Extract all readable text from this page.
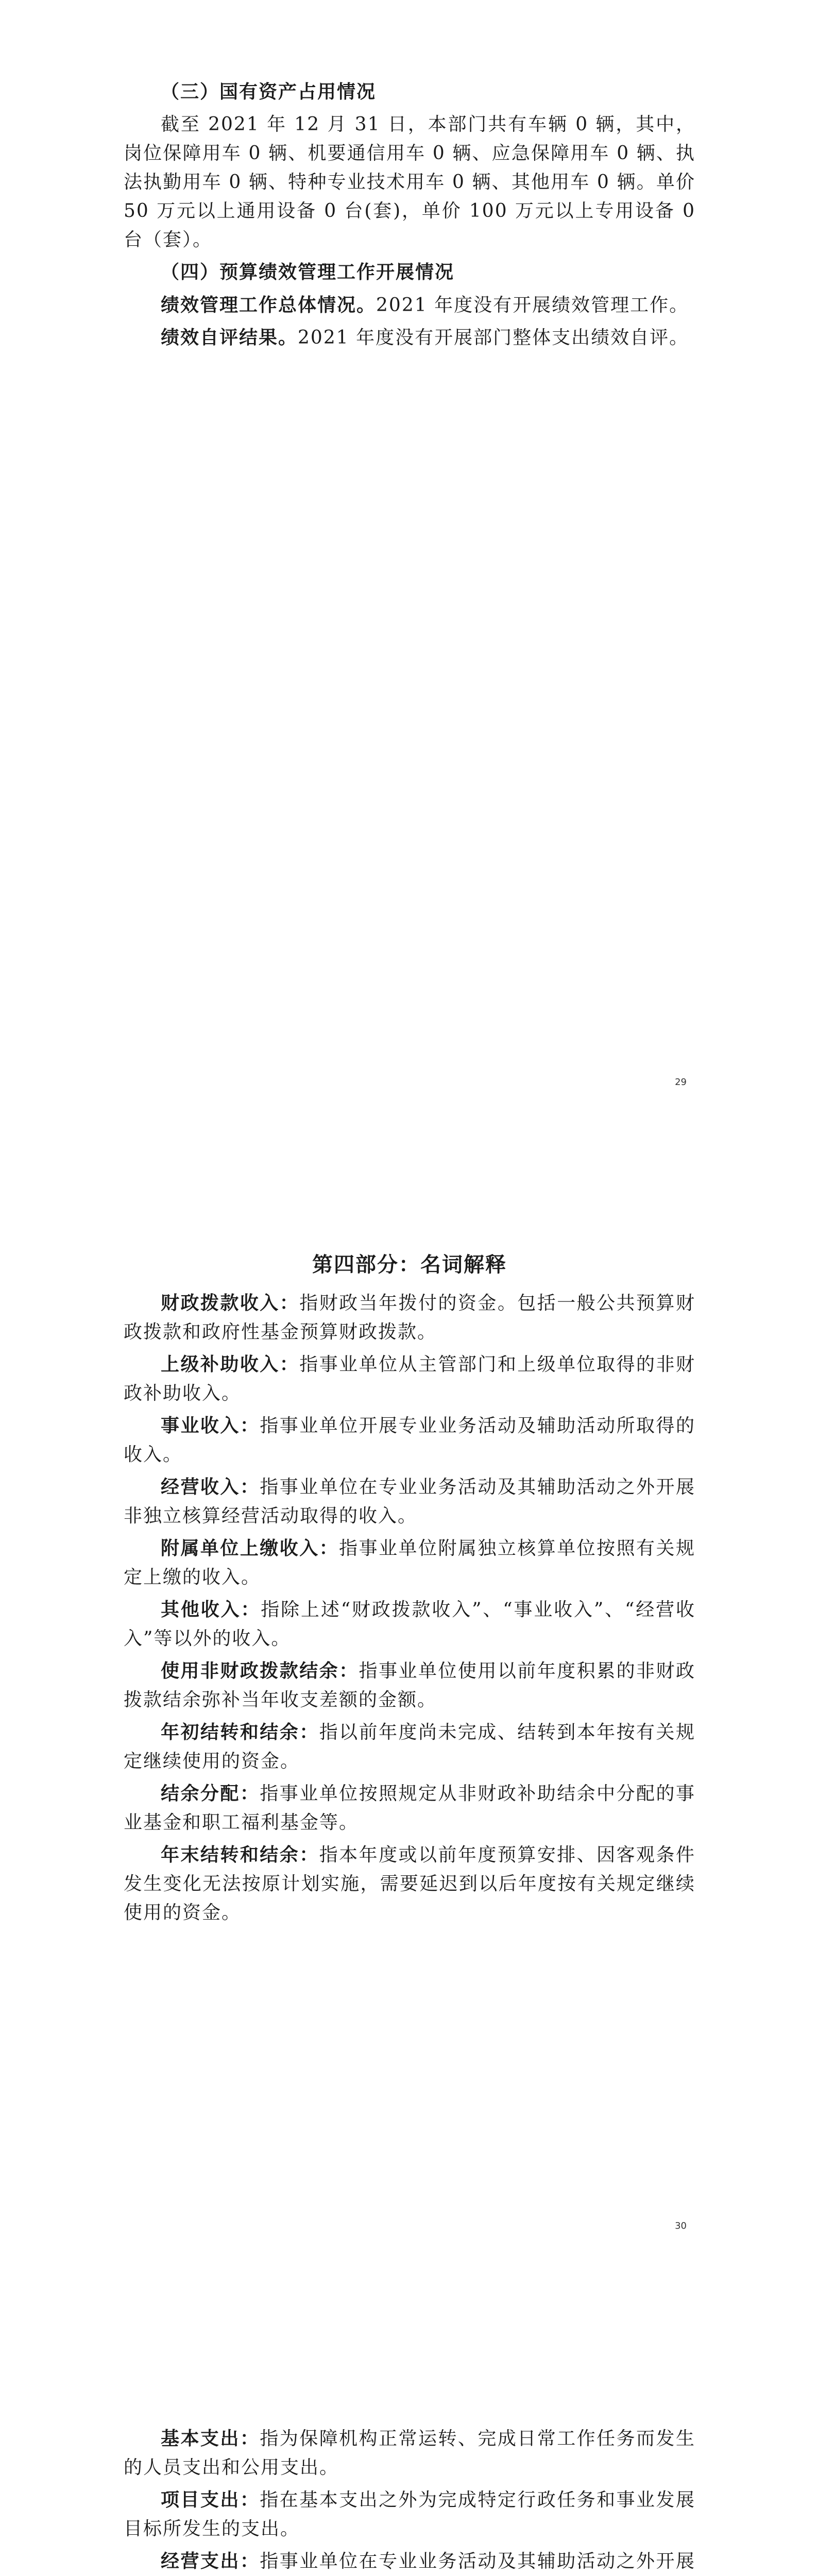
（三）国有资产占用情况

截至 2021 年 12 月 31 日，本部门共有车辆 0 辆，其中，岗位保障用车 0 辆、机要通信用车 0 辆、应急保障用车 0 辆、执法执勤用车 0 辆、特种专业技术用车 0 辆、其他用车 0 辆。单价 50 万元以上通用设备 0 台(套)，单价 100 万元以上专用设备 0 台（套）。

（四）预算绩效管理工作开展情况

绩效管理工作总体情况。2021 年度没有开展绩效管理工作。

绩效自评结果。2021 年度没有开展部门整体支出绩效自评。

29

第四部分：名词解释

财政拨款收入：指财政当年拨付的资金。包括一般公共预算财政拨款和政府性基金预算财政拨款。

上级补助收入：指事业单位从主管部门和上级单位取得的非财政补助收入。

事业收入：指事业单位开展专业业务活动及辅助活动所取得的收入。

经营收入：指事业单位在专业业务活动及其辅助活动之外开展非独立核算经营活动取得的收入。

附属单位上缴收入：指事业单位附属独立核算单位按照有关规定上缴的收入。

其他收入：指除上述“财政拨款收入”、“事业收入”、“经营收入”等以外的收入。

使用非财政拨款结余：指事业单位使用以前年度积累的非财政拨款结余弥补当年收支差额的金额。

年初结转和结余：指以前年度尚未完成、结转到本年按有关规定继续使用的资金。

结余分配：指事业单位按照规定从非财政补助结余中分配的事业基金和职工福利基金等。

年末结转和结余：指本年度或以前年度预算安排、因客观条件发生变化无法按原计划实施，需要延迟到以后年度按有关规定继续使用的资金。

30

基本支出：指为保障机构正常运转、完成日常工作任务而发生的人员支出和公用支出。

项目支出：指在基本支出之外为完成特定行政任务和事业发展目标所发生的支出。

经营支出：指事业单位在专业业务活动及其辅助活动之外开展
